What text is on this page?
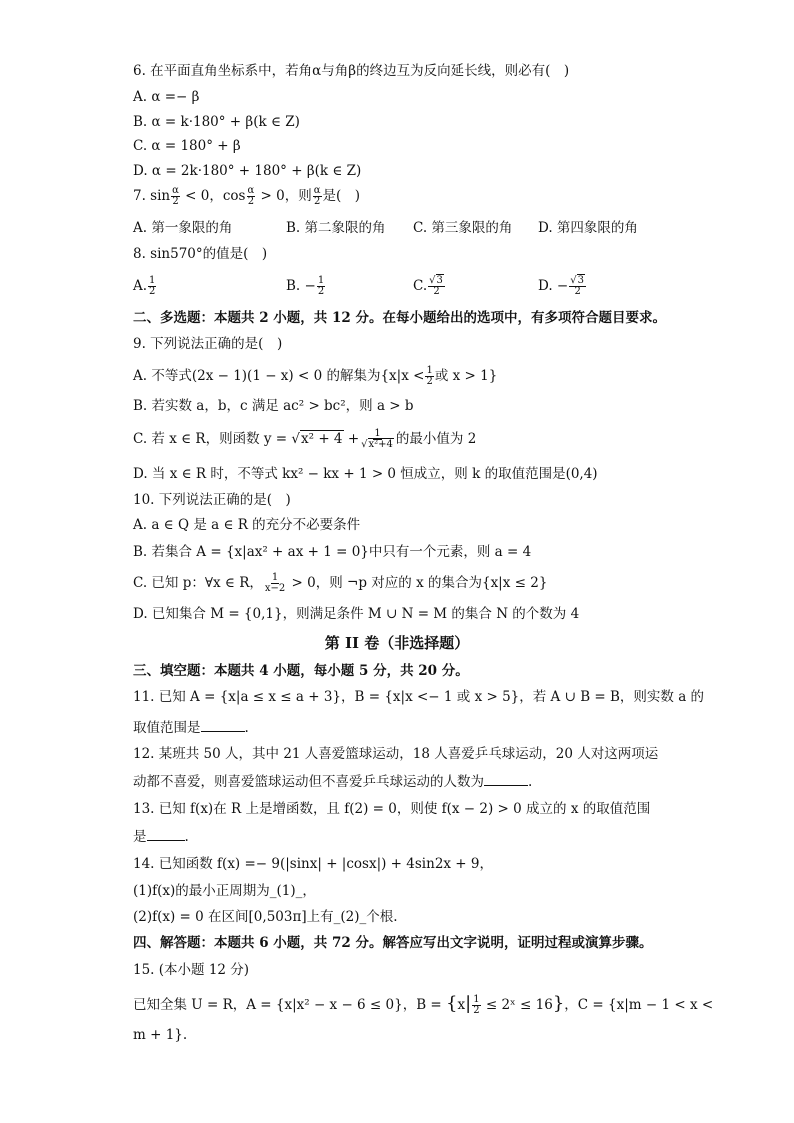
6. 在平面直角坐标系中，若角α与角β的终边互为反向延长线，则必有(　)
A. α =− β
B. α = k·180° + β(k ∈ Z)
C. α = 180° + β
D. α = 2k·180° + 180° + β(k ∈ Z)
7. $\sin \frac{\alpha}{2} < 0$，$\cos \frac{\alpha}{2} > 0$，则 $\frac{\alpha}{2}$ 是(　)
A. 第一象限的角	B. 第二象限的角 C. 第三象限的角 D. 第四象限的角
8. sin570°的值是(　)
A. $\frac{1}{2}$	B. − $\frac{1}{2}$	C. $\frac{√3}{2}$	D. − $\frac{√3}{2}$
二、多选题：本题共 2 小题，共 12 分。在每小题给出的选项中，有多项符合题目要求。
9. 下列说法正确的是(　)
A. 不等式(2x − 1)(1 − x) < 0 的解集为{$x|x < \frac{1}{2}$ 或 x > 1}
B. 若实数 a，b，c 满足 ac² > bc²，则 a > b
C. 若 x ∈ R，则函数 $y = √x^2 + 4 + \frac{1}{\text{√x²+4}}$ 的最小值为 2
D. 当 x ∈ R 时，不等式 kx² − kx + 1 > 0 恒成立，则 k 的取值范围是(0,4)
10. 下列说法正确的是(　)
A. a ∈ Q 是 a ∈ R 的充分不必要条件
B. 若集合 A = {x|ax² + ax + 1 = 0}中只有一个元素，则 a = 4
C. 已知 p：∀x ∈ R， $\frac{1}{x-2} > 0$，则 ¬p 对应的 x 的集合为{x|x ≤ 2}
D. 已知集合 M = {0,1}，则满足条件 M ∪ N = M 的集合 N 的个数为 4
第 II 卷（非选择题）
三、填空题：本题共 4 小题，每小题 5 分，共 20 分。
11. 已知 A = {x|a ≤ x ≤ a + 3}，B = {x|x <− 1 或 x > 5}，若 A ∪ B = B，则实数 a 的
取值范围是	.
12. 某班共 50 人，其中 21 人喜爱篮球运动，18 人喜爱乒乓球运动，20 人对这两项运
动都不喜爱，则喜爱篮球运动但不喜爱乒乓球运动的人数为	.
13. 已知 f(x)在 R 上是增函数，且 f(2) = 0，则使 f(x − 2) > 0 成立的 x 的取值范围
是	.
14. 已知函数 f(x) =− 9(|sinx| + |cosx|) + 4sin2x + 9，
(1)f(x)的最小正周期为_(1)_，
(2)f(x) = 0 在区间[0,503π]上有_(2)_个根.
四、解答题：本题共 6 小题，共 72 分。解答应写出文字说明，证明过程或演算步骤。
15. (本小题 12 分)
已知全集 U = R，A = {x|x² − x − 6 ≤ 0}，$B = \{x| \frac{1}{2}$ ≤ 2ˣ ≤ 16}，C = {x|m − 1 < x <
m + 1}.
